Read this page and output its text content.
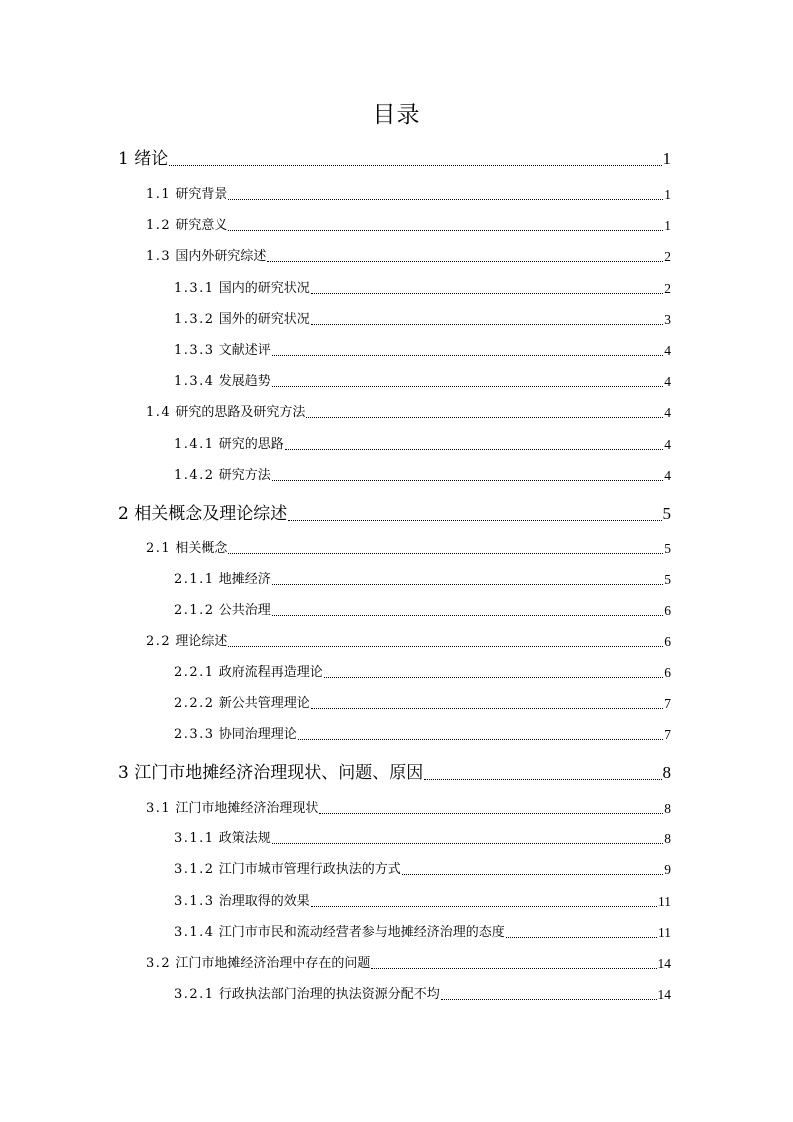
目录
1 绪论	1
1.1 研究背景	1
1.2 研究意义	1
1.3 国内外研究综述	2
1.3.1 国内的研究状况	2
1.3.2 国外的研究状况	3
1.3.3 文献述评	4
1.3.4 发展趋势	4
1.4 研究的思路及研究方法	4
1.4.1 研究的思路	4
1.4.2 研究方法	4
2 相关概念及理论综述	5
2.1 相关概念	5
2.1.1 地摊经济	5
2.1.2 公共治理	6
2.2 理论综述	6
2.2.1 政府流程再造理论	6
2.2.2 新公共管理理论	7
2.3.3 协同治理理论	7
3 江门市地摊经济治理现状、问题、原因	8
3.1 江门市地摊经济治理现状	8
3.1.1 政策法规	8
3.1.2 江门市城市管理行政执法的方式	9
3.1.3 治理取得的效果	11
3.1.4 江门市市民和流动经营者参与地摊经济治理的态度	11
3.2 江门市地摊经济治理中存在的问题	14
3.2.1 行政执法部门治理的执法资源分配不均	14
